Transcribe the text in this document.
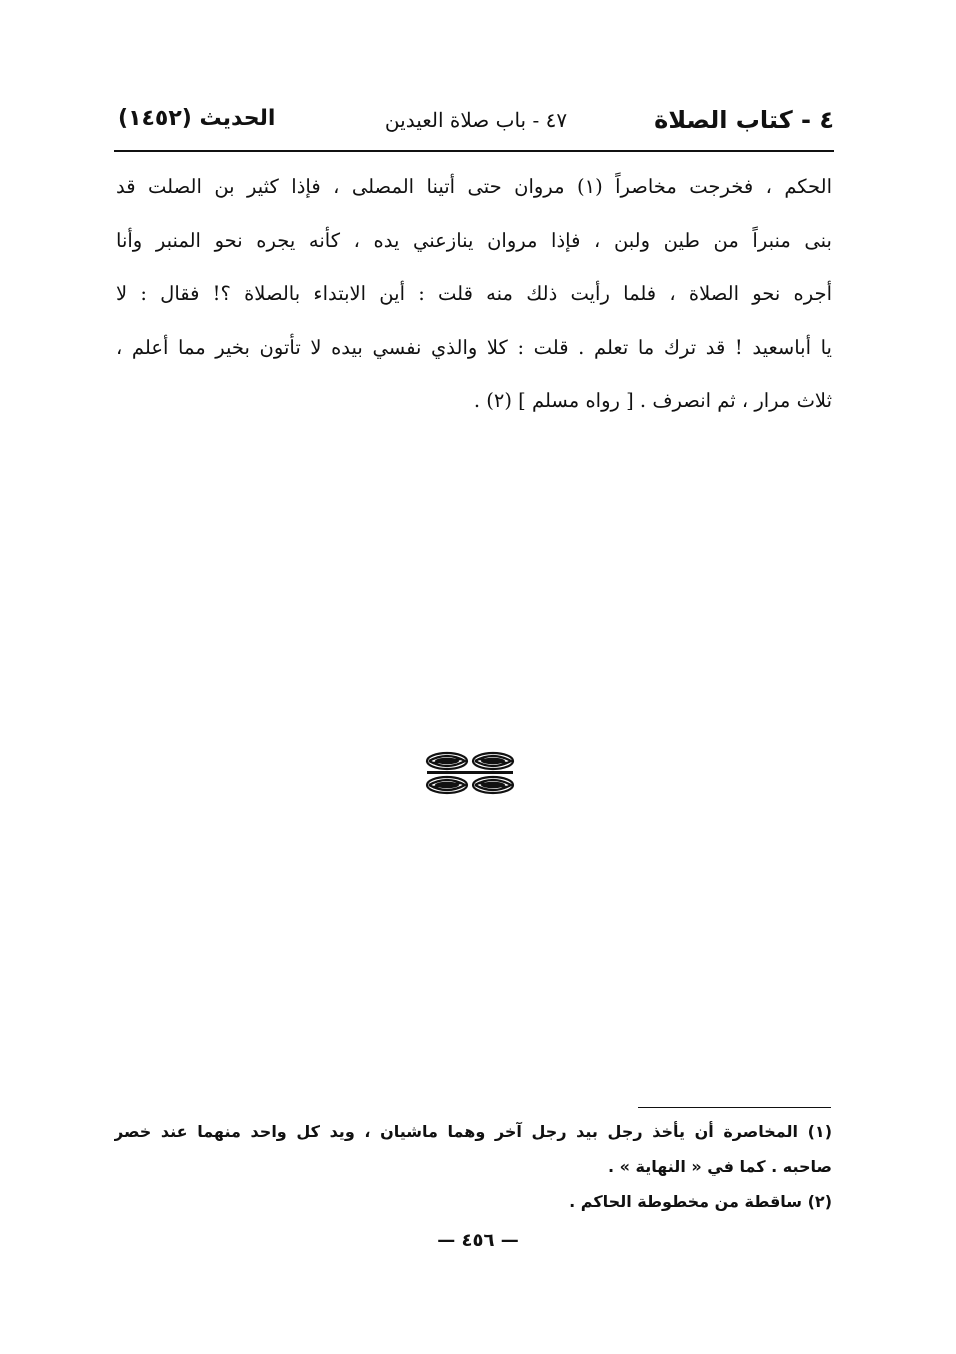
٤ - كتاب الصلاة
٤٧ - باب صلاة العيدين
الحديث (١٤٥٢)
الحكم ، فخرجت مخاصراً (١) مروان حتى أتينا المصلى ، فإذا كثير بن الصلت قد
بنى منبراً من طين ولبن ، فإذا مروان ينازعني يده ، كأنه يجره نحو المنبر وأنا
أجره نحو الصلاة ، فلما رأيت ذلك منه قلت : أين الابتداء بالصلاة ؟! فقال : لا
يا أباسعيد ! قد ترك ما تعلم . قلت : كلا والذي نفسي بيده لا تأتون بخير مما أعلم ،
ثلاث مرار ، ثم انصرف . [ رواه مسلم ] (٢) .
(١) المخاصرة أن يأخذ رجل بيد رجل آخر وهما ماشيان ، ويد كل واحد منهما عند خصر
صاحبه . كما في « النهاية » .
(٢) ساقطة من مخطوطة الحاكم .
— ٤٥٦ —
